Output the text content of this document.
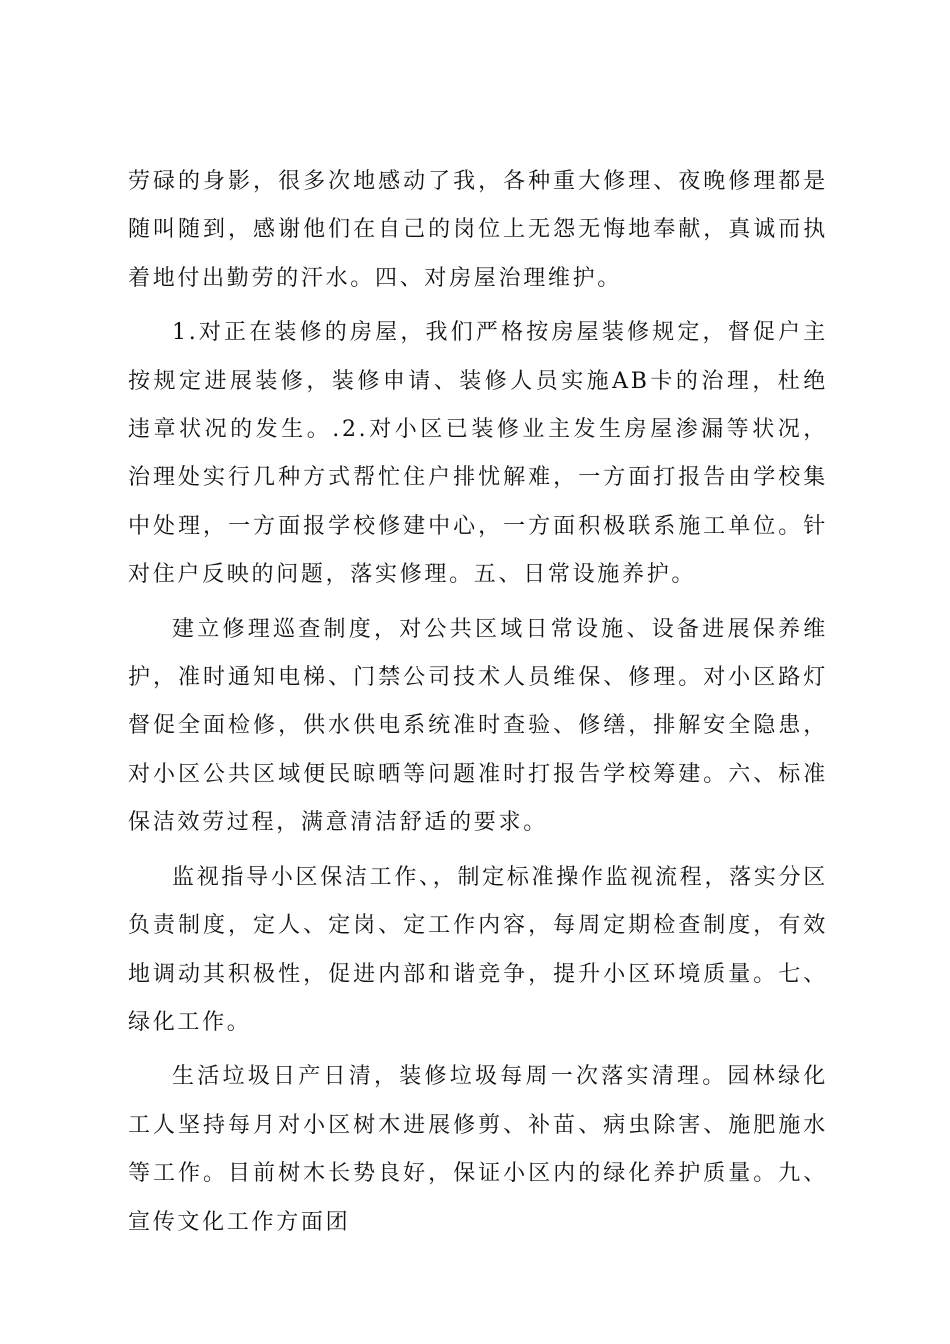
劳碌的身影，很多次地感动了我，各种重大修理、夜晚修理都是随叫随到，感谢他们在自己的岗位上无怨无悔地奉献，真诚而执着地付出勤劳的汗水。四、对房屋治理维护。

1.对正在装修的房屋，我们严格按房屋装修规定，督促户主按规定进展装修，装修申请、装修人员实施AB卡的治理，杜绝违章状况的发生。.2.对小区已装修业主发生房屋渗漏等状况，治理处实行几种方式帮忙住户排忧解难，一方面打报告由学校集中处理，一方面报学校修建中心，一方面积极联系施工单位。针对住户反映的问题，落实修理。五、日常设施养护。

建立修理巡查制度，对公共区域日常设施、设备进展保养维护，准时通知电梯、门禁公司技术人员维保、修理。对小区路灯督促全面检修，供水供电系统准时查验、修缮，排解安全隐患，对小区公共区域便民晾晒等问题准时打报告学校筹建。六、标准保洁效劳过程，满意清洁舒适的要求。

监视指导小区保洁工作、，制定标准操作监视流程，落实分区负责制度，定人、定岗、定工作内容，每周定期检查制度，有效地调动其积极性，促进内部和谐竞争，提升小区环境质量。七、绿化工作。

生活垃圾日产日清，装修垃圾每周一次落实清理。园林绿化工人坚持每月对小区树木进展修剪、补苗、病虫除害、施肥施水等工作。目前树木长势良好，保证小区内的绿化养护质量。九、宣传文化工作方面团
